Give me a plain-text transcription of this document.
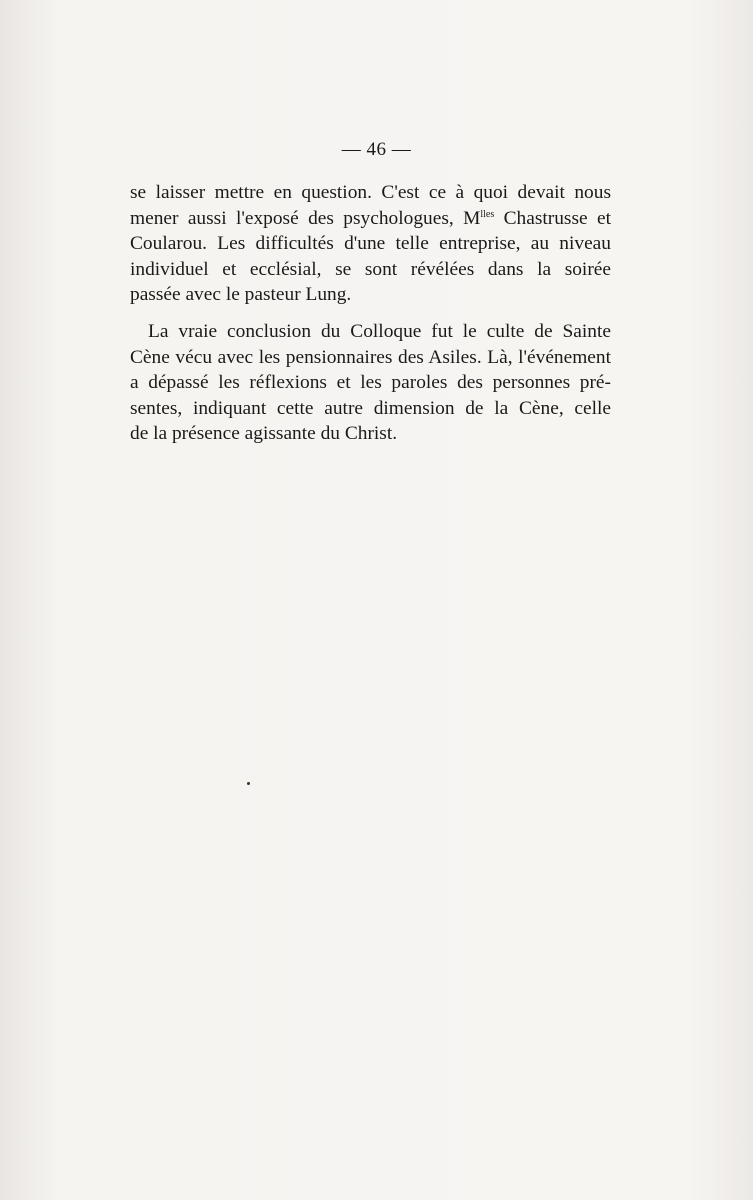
— 46 —

se laisser mettre en question. C'est ce à quoi devait nous
mener aussi l'exposé des psychologues, $M^{lles}$ Chastrusse et
Coularou. Les difficultés d'une telle entreprise, au niveau
individuel et ecclésial, se sont révélées dans la soirée
passée avec le pasteur Lung.

La vraie conclusion du Colloque fut le culte de Sainte
Cène vécu avec les pensionnaires des Asiles. Là, l'événement
a dépassé les réflexions et les paroles des personnes pré-
sentes, indiquant cette autre dimension de la Cène, celle
de la présence agissante du Christ.
